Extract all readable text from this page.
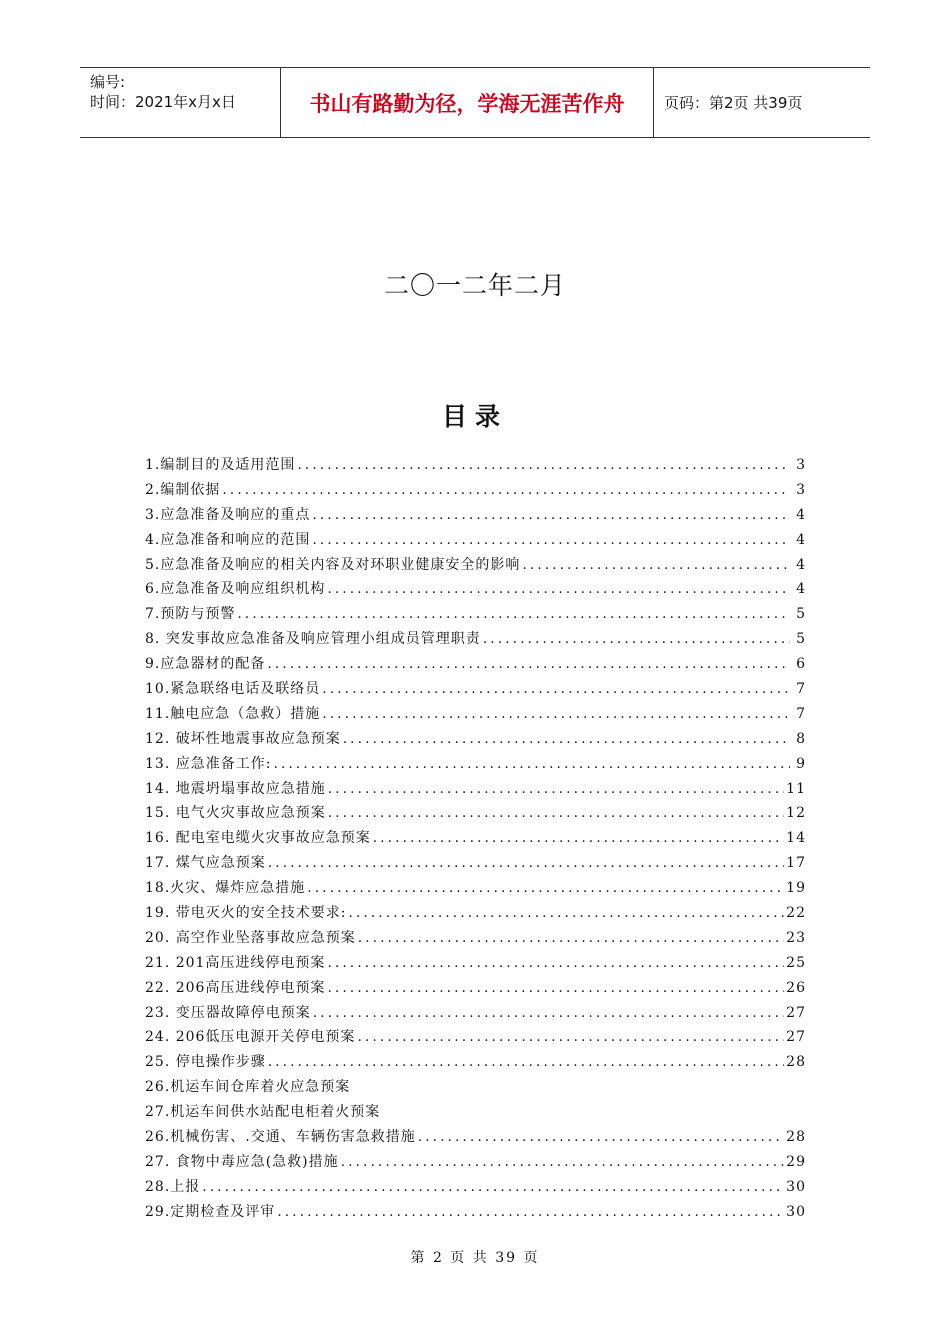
编号:
时间：2021年x月x日	书山有路勤为径，学海无涯苦作舟	页码：第2页 共39页
二〇一二年二月
目录
1.编制目的及适用范围 .....	3
2.编制依据 .....	3
3.应急准备及响应的重点 .....	4
4.应急准备和响应的范围 .....	4
5.应急准备及响应的相关内容及对环职业健康安全的影响 .....	4
6.应急准备及响应组织机构 .....	4
7.预防与预警 .....	5
8. 突发事故应急准备及响应管理小组成员管理职责 .....	5
9.应急器材的配备 .....	6
10.紧急联络电话及联络员 .....	7
11.触电应急（急救）措施 .....	7
12. 破坏性地震事故应急预案 .....	8
13. 应急准备工作: .....	9
14. 地震坍塌事故应急措施 .....	11
15. 电气火灾事故应急预案 .....	12
16. 配电室电缆火灾事故应急预案 .....	14
17. 煤气应急预案 .....	17
18.火灾、爆炸应急措施 .....	19
19. 带电灭火的安全技术要求: .....	22
20. 高空作业坠落事故应急预案 .....	23
21. 201高压进线停电预案 .....	25
22. 206高压进线停电预案 .....	26
23. 变压器故障停电预案 .....	27
24. 206低压电源开关停电预案 .....	27
25. 停电操作步骤 .....	28
26.机运车间仓库着火应急预案
27.机运车间供水站配电柜着火预案
26.机械伤害、.交通、车辆伤害急救措施 .....	28
27. 食物中毒应急(急救)措施 .....	29
28.上报 .....	30
29.定期检查及评审 .....	30
第 2 页 共 39 页
